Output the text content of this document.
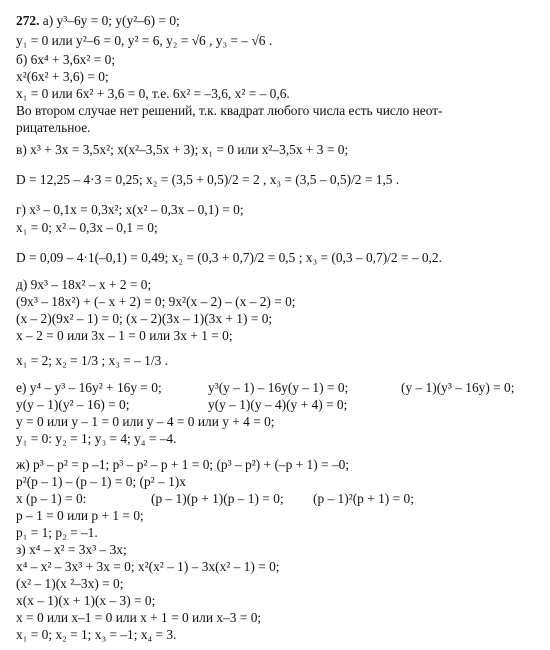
272. а) y³–6y = 0; y(y²–6) = 0;
y₁ = 0 или y²–6 = 0, y² = 6, y₂ = √6 , y₃ = – √6 .
б) 6x⁴ + 3,6x² = 0;
x²(6x² + 3,6) = 0;
x₁ = 0 или 6x² + 3,6 = 0, т.е. 6x² = –3,6, x² = – 0,6.
Во втором случае нет решений, т.к. квадрат любого числа есть число неот-
рицательное.
в) x³ + 3x = 3,5x²; x(x²–3,5x + 3); x₁ = 0 или x²–3,5x + 3 = 0;
D = 12,25 – 4·3 = 0,25; x₂ = (3,5 + 0,5)/2 = 2 , x₃ = (3,5 – 0,5)/2 = 1,5 .
г) x³ – 0,1x = 0,3x²; x(x² – 0,3x – 0,1) = 0;
x₁ = 0; x² – 0,3x – 0,1 = 0;
D = 0,09 – 4·1(–0,1) = 0,49; x₂ = (0,3 + 0,7)/2 = 0,5 ; x₃ = (0,3 – 0,7)/2 = – 0,2.
д) 9x³ – 18x² – x + 2 = 0;
(9x³ – 18x²) + (– x + 2) = 0; 9x²(x – 2) – (x – 2) = 0;
(x – 2)(9x² – 1) = 0; (x – 2)(3x – 1)(3x + 1) = 0;
x – 2 = 0 или 3x – 1 = 0 или 3x + 1 = 0;
x₁ = 2; x₂ = 1/3 ; x₃ = – 1/3 .
е) y⁴ – y³ – 16y² + 16y = 0;	y³(y – 1) – 16y(y – 1) = 0;	(y – 1)(y³ – 16y) = 0;
y(y – 1)(y² – 16) = 0;	y(y – 1)(y – 4)(y + 4) = 0;
y = 0 или y – 1 = 0 или y – 4 = 0 или y + 4 = 0;
y₁ = 0: y₂ = 1; y₃ = 4; y₄ = –4.
ж) p³ – p² = p –1; p³ – p² – p + 1 = 0; (p³ – p²) + (–p + 1) = –0;
p²(p – 1) – (p – 1) = 0; (p² – 1)x
x (p – 1) = 0:	(p – 1)(p + 1)(p – 1) = 0; (p – 1)²(p + 1) = 0;
p – 1 = 0 или p + 1 = 0;
p₁ = 1; p₂ = –1.
з) x⁴ – x² = 3x³ – 3x;
x⁴ – x² – 3x³ + 3x = 0; x²(x² – 1) – 3x(x² – 1) = 0;
(x² – 1)(x ²–3x) = 0;
x(x – 1)(x + 1)(x – 3) = 0;
x = 0 или x–1 = 0 или x + 1 = 0 или x–3 = 0;
x₁ = 0; x₂ = 1; x₃ = –1; x₄ = 3.
